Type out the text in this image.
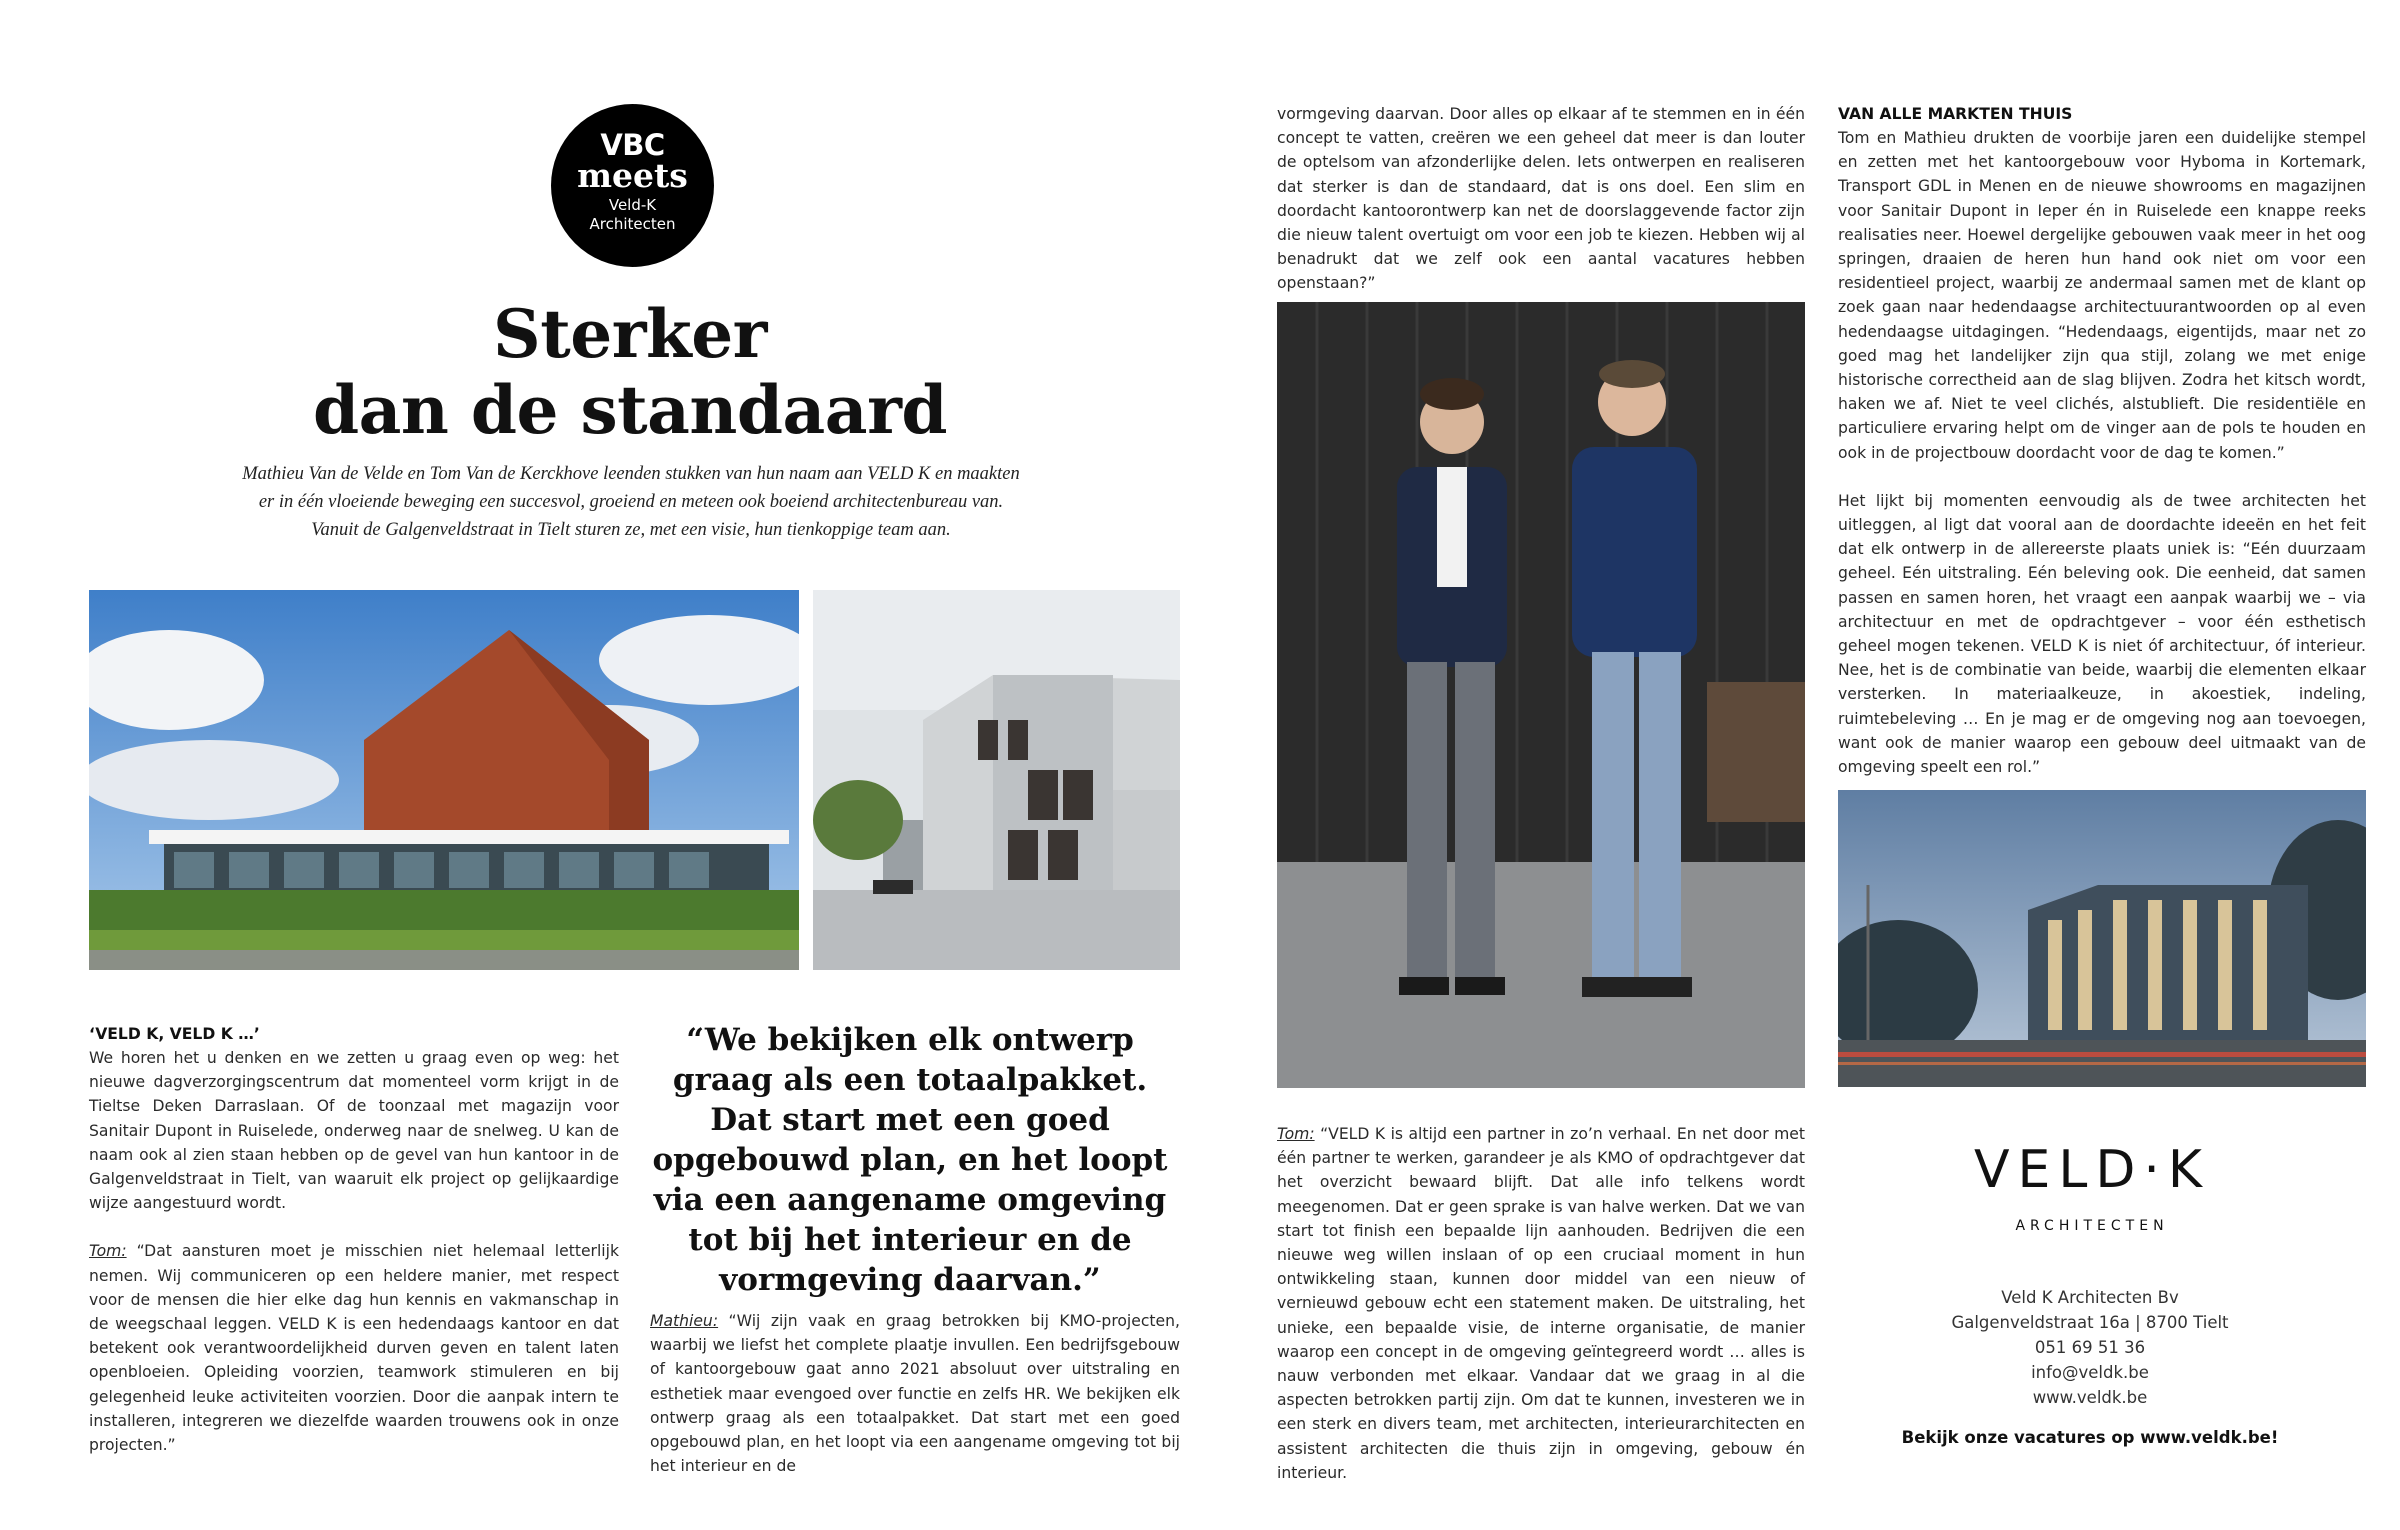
VBC
meets
Veld-K
Architecten
Sterker
dan de standaard
Mathieu Van de Velde en Tom Van de Kerckhove leenden stukken van hun naam aan VELD K en maakten
er in één vloeiende beweging een succesvol, groeiend en meteen ook boeiend architectenbureau van.
Vanuit de Galgenveldstraat in Tielt sturen ze, met een visie, hun tienkoppige team aan.
‘VELD K, VELD K …’

We horen het u denken en we zetten u graag even op weg: het nieuwe dagverzorgingscentrum dat momenteel vorm krijgt in de Tieltse Deken Darraslaan. Of de toonzaal met magazijn voor Sanitair Dupont in Ruiselede, onderweg naar de snelweg. U kan de naam ook al zien staan hebben op de gevel van hun kantoor in de Galgenveldstraat in Tielt, van waaruit elk project op gelijkaardige wijze aangestuurd wordt.

Tom: “Dat aansturen moet je misschien niet helemaal letterlijk nemen. Wij communiceren op een heldere manier, met respect voor de mensen die hier elke dag hun kennis en vakmanschap in de weegschaal leggen. VELD K is een hedendaags kantoor en dat betekent ook verantwoordelijkheid durven geven en talent laten openbloeien. Opleiding voorzien, teamwork stimuleren en bij gelegenheid leuke activiteiten voorzien. Door die aanpak intern te installeren, integreren we diezelfde waarden trouwens ook in onze projecten.”

“We bekijken elk ontwerp graag als een totaalpakket. Dat start met een goed opgebouwd plan, en het loopt via een aangename omgeving tot bij het interieur en de vormgeving daarvan.”

Mathieu: “Wij zijn vaak en graag betrokken bij KMO-projecten, waarbij we liefst het complete plaatje invullen. Een bedrijfsgebouw of kantoorgebouw gaat anno 2021 absoluut over uitstraling en esthetiek maar evengoed over functie en zelfs HR. We bekijken elk ontwerp graag als een totaalpakket. Dat start met een goed opgebouwd plan, en het loopt via een aangename omgeving tot bij het interieur en de

vormgeving daarvan. Door alles op elkaar af te stemmen en in één concept te vatten, creëren we een geheel dat meer is dan louter de optelsom van afzonderlijke delen. Iets ontwerpen en realiseren dat sterker is dan de standaard, dat is ons doel. Een slim en doordacht kantoorontwerp kan net de doorslaggevende factor zijn die nieuw talent overtuigt om voor een job te kiezen. Hebben wij al benadrukt dat we zelf ook een aantal vacatures hebben openstaan?”

Tom: “VELD K is altijd een partner in zo’n verhaal. En net door met één partner te werken, garandeer je als KMO of opdrachtgever dat het overzicht bewaard blijft. Dat alle info telkens wordt meegenomen. Dat er geen sprake is van halve werken. Dat we van start tot finish een bepaalde lijn aanhouden. Bedrijven die een nieuwe weg willen inslaan of op een cruciaal moment in hun ontwikkeling staan, kunnen door middel van een nieuw of vernieuwd gebouw echt een statement maken. De uitstraling, het unieke, een bepaalde visie, de interne organisatie, de manier waarop een concept in de omgeving geïntegreerd wordt … alles is nauw verbonden met elkaar. Vandaar dat we graag in al die aspecten betrokken partij zijn. Om dat te kunnen, investeren we in een sterk en divers team, met architecten, interieurarchitecten en assistent architecten die thuis zijn in omgeving, gebouw én interieur.

VAN ALLE MARKTEN THUIS

Tom en Mathieu drukten de voorbije jaren een duidelijke stempel en zetten met het kantoorgebouw voor Hyboma in Kortemark, Transport GDL in Menen en de nieuwe showrooms en magazijnen voor Sanitair Dupont in Ieper én in Ruiselede een knappe reeks realisaties neer. Hoewel dergelijke gebouwen vaak meer in het oog springen, draaien de heren hun hand ook niet om voor een residentieel project, waarbij ze andermaal samen met de klant op zoek gaan naar hedendaagse architectuurantwoorden op al even hedendaagse uitdagingen. “Hedendaags, eigentijds, maar net zo goed mag het landelijker zijn qua stijl, zolang we met enige historische correctheid aan de slag blijven. Zodra het kitsch wordt, haken we af. Niet te veel clichés, alstublieft. Die residentiële en particuliere ervaring helpt om de vinger aan de pols te houden en ook in de projectbouw doordacht voor de dag te komen.”

Het lijkt bij momenten eenvoudig als de twee architecten het uitleggen, al ligt dat vooral aan de doordachte ideeën en het feit dat elk ontwerp in de allereerste plaats uniek is: “Eén duurzaam geheel. Eén uitstraling. Eén beleving ook. Die eenheid, dat samen passen en samen horen, het vraagt een aanpak waarbij we – via architectuur en met de opdrachtgever – voor één esthetisch geheel mogen tekenen. VELD K is niet óf architectuur, óf interieur. Nee, het is de combinatie van beide, waarbij die elementen elkaar versterken. In materiaalkeuze, in akoestiek, indeling, ruimtebeleving … En je mag er de omgeving nog aan toevoegen, want ook de manier waarop een gebouw deel uitmaakt van de omgeving speelt een rol.”

VELD·K
ARCHITECTEN
Veld K Architecten Bv
Galgenveldstraat 16a | 8700 Tielt
051 69 51 36
info@veldk.be
www.veldk.be
Bekijk onze vacatures op www.veldk.be!
